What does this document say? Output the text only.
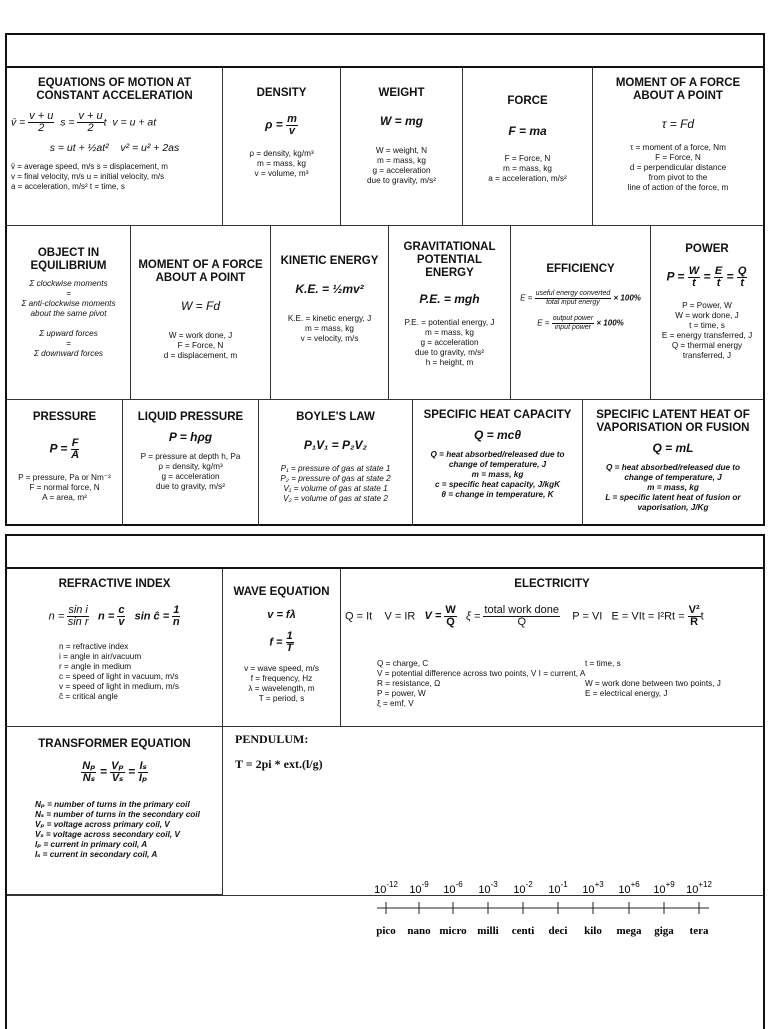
EQUATIONS OF MOTION AT CONSTANT ACCELERATION
v̄ = $\frac{v + u}{2}$ $s = \frac{v + u}{2}$ t v = u + at
s = ut + ½at² v² = u² + 2as
v̄ = average speed, m/s s = displacement, m
v = final velocity, m/s u = initial velocity, m/s
a = acceleration, m/s² t = time, s
DENSITY
$\rho = \frac{m}{v}$
ρ = density, kg/m³
m = mass, kg
v = volume, m³
WEIGHT
W = mg
W = weight, N
m = mass, kg
g = acceleration
due to gravity, m/s²
FORCE
F = ma
F = Force, N
m = mass, kg
a = acceleration, m/s²
MOMENT OF A FORCE ABOUT A POINT
τ = Fd
τ = moment of a force, Nm
F = Force, N
d = perpendicular distance
from pivot to the
line of action of the force, m
OBJECT IN EQUILIBRIUM
Σ clockwise moments
=
Σ anti-clockwise moments
about the same pivot
Σ upward forces
=
Σ downward forces
MOMENT OF A FORCE ABOUT A POINT
W = Fd
W = work done, J
F = Force, N
d = displacement, m
KINETIC ENERGY
K.E. = ½mv²
K.E. = kinetic energy, J
m = mass, kg
v = velocity, m/s
GRAVITATIONAL POTENTIAL ENERGY
P.E. = mgh
P.E. = potential energy, J
m = mass, kg
g = acceleration
due to gravity, m/s²
h = height, m
EFFICIENCY
E =
useful energy converted
total input energy	× 100%
E =
output power
input power × 100%
POWER
$P = \frac{W}{t} = \frac{E}{t} = \frac{Q}{t}$
P = Power, W
W = work done, J
t = time, s
E = energy transferred, J
Q = thermal energy
transferred, J
PRESSURE
$P = \frac{F}{A}$
P = pressure, Pa or Nm⁻²
F = normal force, N
A = area, m²
LIQUID PRESSURE
P = hρg
P = pressure at depth h, Pa
ρ = density, kg/m³
g = acceleration
due to gravity, m/s²
BOYLE'S LAW
P₁V₁ = P₂V₂
P₁ = pressure of gas at state 1
P₂ = pressure of gas at state 2
V₁ = volume of gas at state 1
V₂ = volume of gas at state 2
SPECIFIC HEAT CAPACITY
Q = mcθ
Q = heat absorbed/released due to
change of temperature, J
m = mass, kg
c = specific heat capacity, J/kgK
θ = change in temperature, K
SPECIFIC LATENT HEAT OF VAPORISATION OR FUSION
Q = mL
Q = heat absorbed/released due to
change of temperature, J
m = mass, kg
L = specific latent heat of fusion or
vaporisation, J/Kg
REFRACTIVE INDEX
$n = \frac{\text{sin i}}{\text{sin r}}$ $n = \frac{c}{v}$ sin ĉ = $\frac{1}{n}$
n = refractive index
i = angle in air/vacuum
r = angle in medium
c = speed of light in vacuum, m/s
v = speed of light in medium, m/s
ĉ = critical angle
WAVE EQUATION
v = fλ
$f = \frac{1}{T}$
v = wave speed, m/s
f = frequency, Hz
λ = wavelength, m
T = period, s
ELECTRICITY
Q = It V = IR $V = \frac{W}{Q}$ ξ =
total work done
Q	P = VI E = VIt = $I^2Rt = \frac{\text{V²}}{R}$ t
Q = charge, C
V = potential difference across two points, V I = current, A
R = resistance, Ω
P = power, W
ξ = emf, V
t = time, s
W = work done between two points, J
E = electrical energy, J
TRANSFORMER EQUATION
$\frac{\text{Nₚ}}{\text{Nₛ}} = \frac{\text{Vₚ}}{\text{Vₛ}} = \frac{\text{Iₛ}}{\text{Iₚ}}$
Nₚ = number of turns in the primary coil
Nₛ = number of turns in the secondary coil
Vₚ = voltage across primary coil, V
Vₛ = voltage across secondary coil, V
Iₚ = current in primary coil, A
Iₛ = current in secondary coil, A
PENDULUM:
T = 2pi * ext.(l/g)
$10^{-12}$
pico
$10^{-9}$
nano
$10^{-6}$
micro
$10^{-3}$
milli
$10^{-2}$
centi
$10^{-1}$
deci
$10^{+3}$
kilo
$10^{+6}$
mega
$10^{+9}$
giga
$10^{+12}$
tera
